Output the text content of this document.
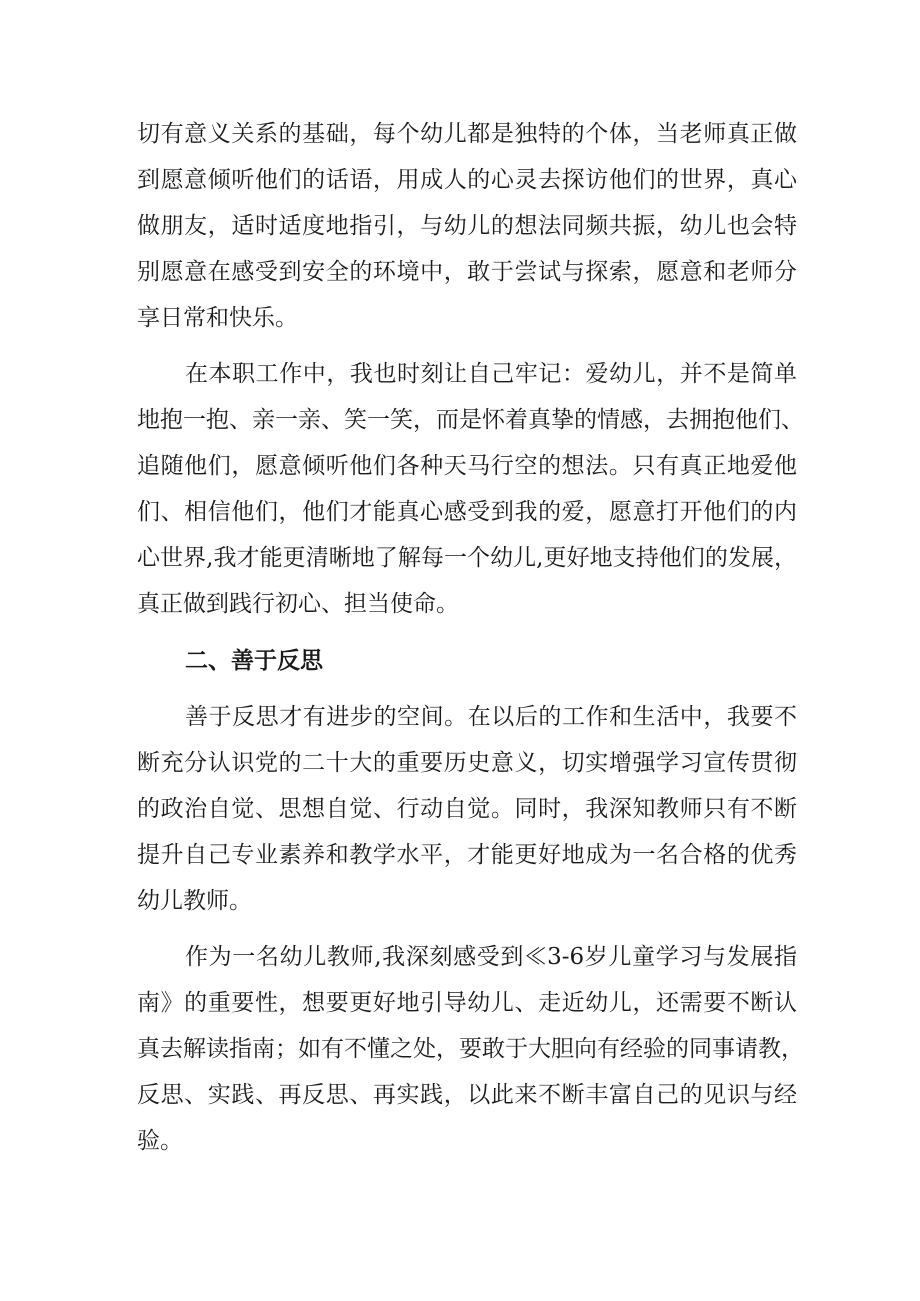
切有意义关系的基础，每个幼儿都是独特的个体，当老师真正做
到愿意倾听他们的话语，用成人的心灵去探访他们的世界，真心
做朋友，适时适度地指引，与幼儿的想法同频共振，幼儿也会特
别愿意在感受到安全的环境中，敢于尝试与探索，愿意和老师分
享日常和快乐。
在本职工作中，我也时刻让自己牢记：爱幼儿，并不是简单
地抱一抱、亲一亲、笑一笑，而是怀着真挚的情感，去拥抱他们、
追随他们，愿意倾听他们各种天马行空的想法。只有真正地爱他
们、相信他们，他们才能真心感受到我的爱，愿意打开他们的内
心世界,我才能更清晰地了解每一个幼儿,更好地支持他们的发展，
真正做到践行初心、担当使命。
二、善于反思
善于反思才有进步的空间。在以后的工作和生活中，我要不
断充分认识党的二十大的重要历史意义，切实增强学习宣传贯彻
的政治自觉、思想自觉、行动自觉。同时，我深知教师只有不断
提升自己专业素养和教学水平，才能更好地成为一名合格的优秀
幼儿教师。
作为一名幼儿教师,我深刻感受到≪3-6岁儿童学习与发展指
南》的重要性，想要更好地引导幼儿、走近幼儿，还需要不断认
真去解读指南；如有不懂之处，要敢于大胆向有经验的同事请教，
反思、实践、再反思、再实践，以此来不断丰富自己的见识与经
验。
